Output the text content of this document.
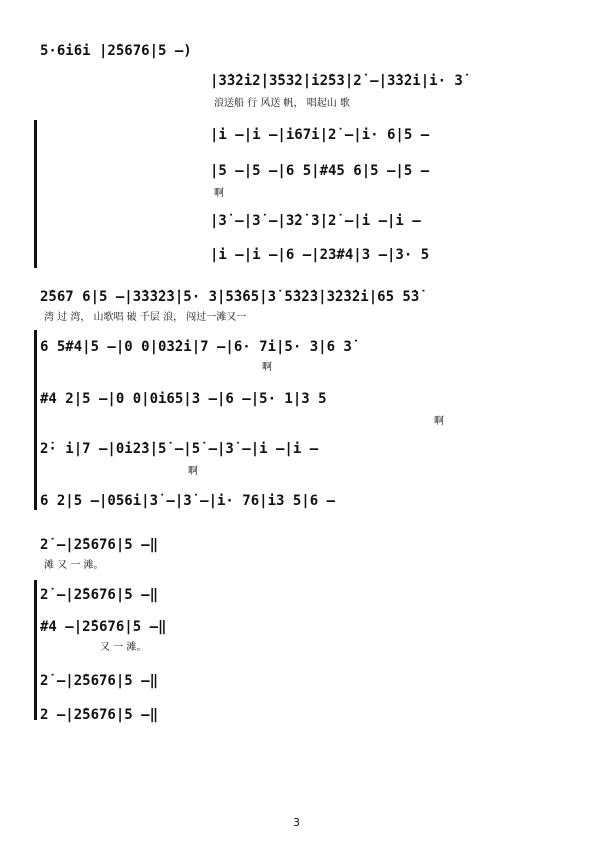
5·6i6i |2̇5676|5 –)
|3̇3̇2̇i2̇|3̇53̇2̇|i2̇53̇|2̇ –|3̇3̇2̇i|i· 3̇
浪送船 行 风送 帆， 唱起山 歌
|i –|i –|i67i|2̇ –|i· 6|5 –
|5 –|5 –|6 5|#45 6|5 –|5 –
啊
|3̇ –|3̇ –|3̇2̇ 3̇|2̇ –|i –|i –
|i –|i –|6 –|23#4|3 –|3· 5
2̇567 6|5 –|3̇3̇3̇2̇3̇|5· 3̇|5̇3̇65̇|3̇ 5̇3̇2̇3̇|3̇2̇3̇2̇i|65 5̇3̇
湾 过 湾， 山歌唱 破 千层 浪， 闯过一滩又一
6 5#4|5 –|0 0|03̇2̇i|7 –|6· 7i|5· 3|6 3̇
啊
#4 2|5 –|0 0|0i65|3 –|6 –|5· 1|3 5
啊
2̇· i|7 –|0i2̇3̇|5̇ –|5̇ –|3̇ –|i –|i –
啊
6 2|5 –|056i|3̇ –|3̇ –|i· 76|i3 5|6 –
2̇ –|2̇5676|5 –‖
滩 又 一 滩。
2̇ –|2̇5676|5 –‖
#4 –|2̇5676|5 –‖
又 一 滩。
2̇ –|2̇5676|5 –‖
2 –|2̇5676|5 –‖
3
